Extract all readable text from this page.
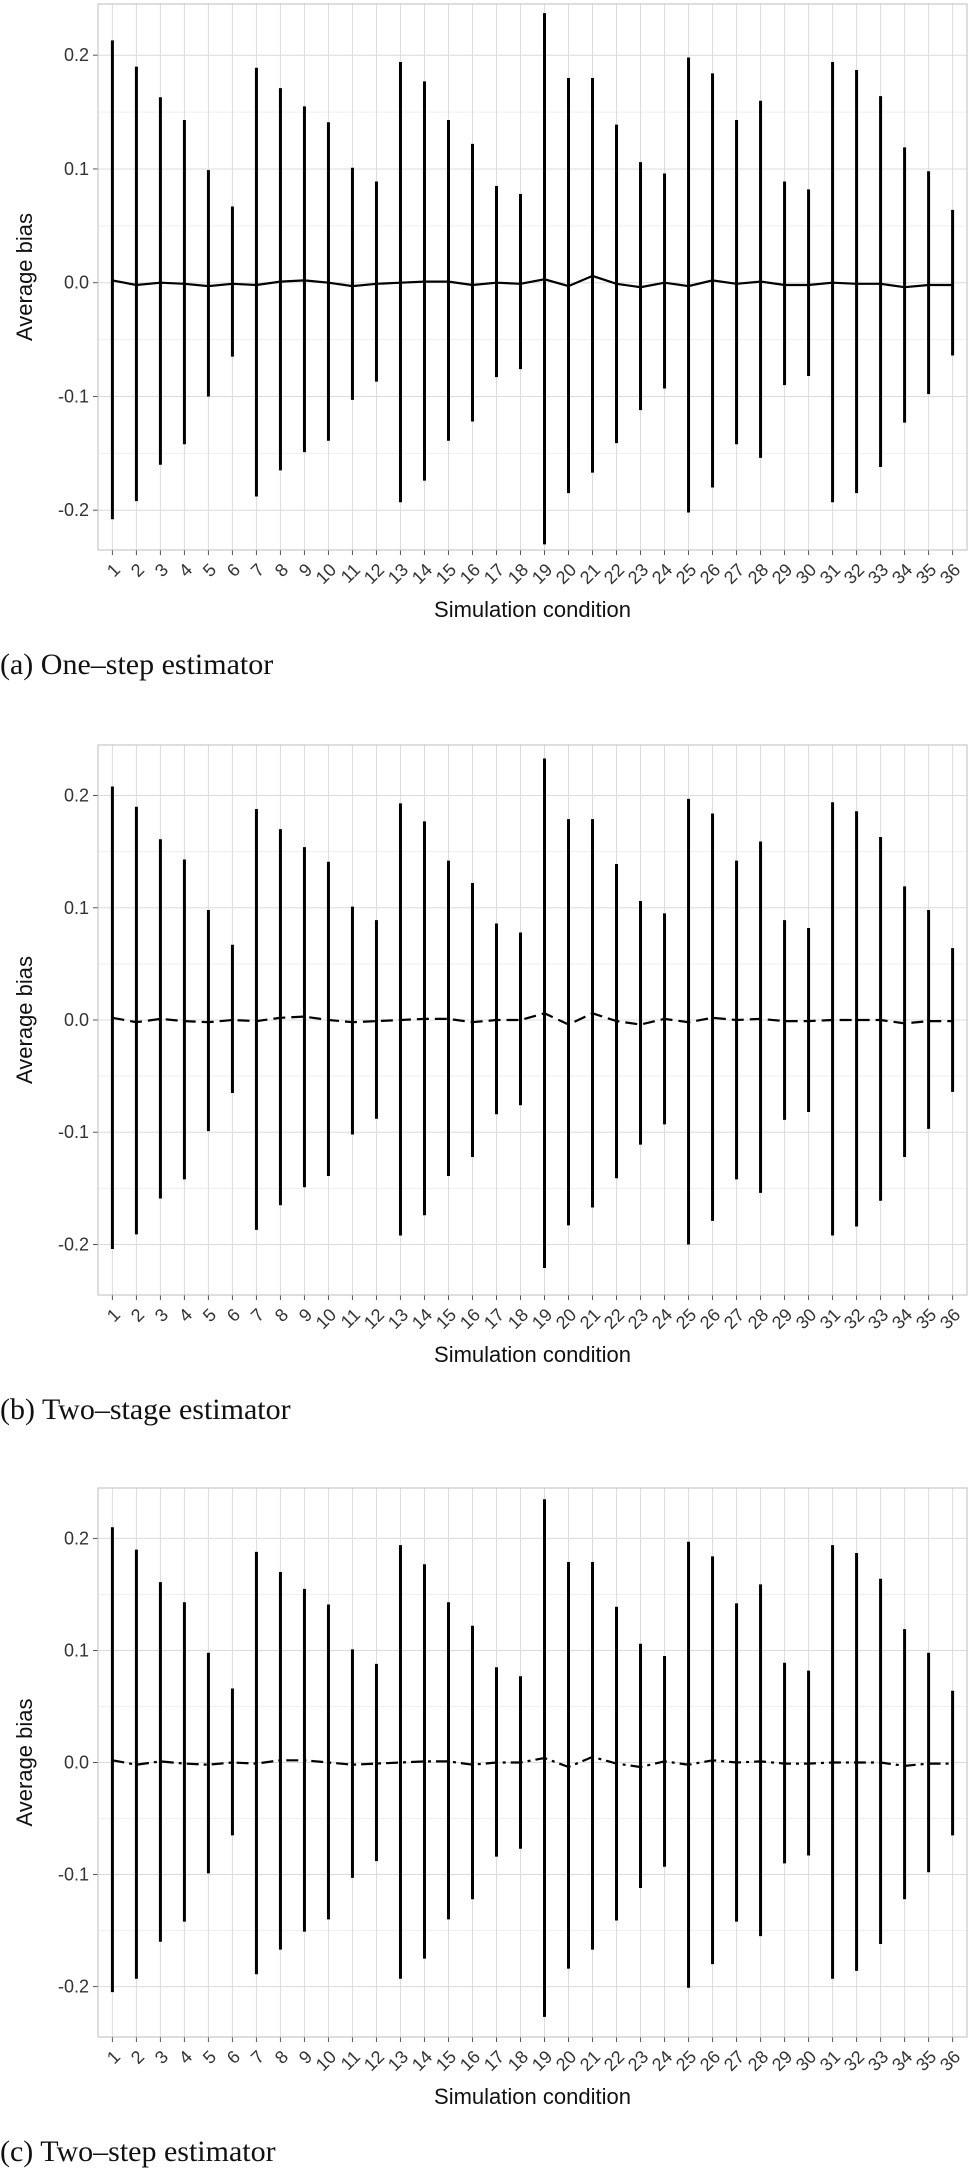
0.2
0.1
0.0
-0.1
-0.2
1 2 3 4 5 6 7 8 9
10
11
12
13
14
15
16
17
18
19
20
21
22
23
24
25
26
27
28
29
30
31
32
33
34
35
36
Simulation condition
Average bias
(a) One–step estimator
0.2
0.1
0.0
-0.1
-0.2
1 2 3 4 5 6 7 8 9
10
11
12
13
14
15
16
17
18
19
20
21
22
23
24
25
26
27
28
29
30
31
32
33
34
35
36
Simulation condition
Average bias
(b) Two–stage estimator
0.2
0.1
0.0
-0.1
-0.2
1 2 3 4 5 6 7 8 9
10
11
12
13
14
15
16
17
18
19
20
21
22
23
24
25
26
27
28
29
30
31
32
33
34
35
36
Simulation condition
Average bias
(c) Two–step estimator
